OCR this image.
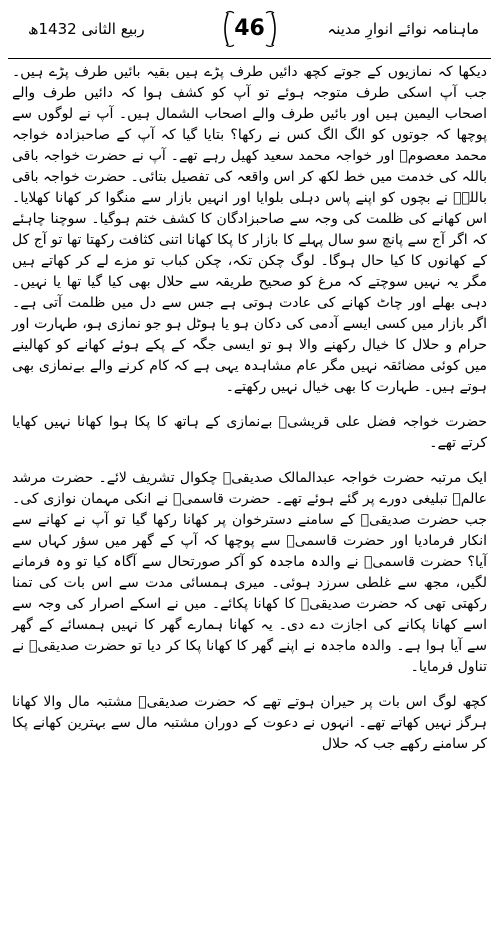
ماہنامہ نوائے انوارِ مدینہ
46
ربیع الثانی 1432ھ

دیکھا کہ نمازیوں کے جوتے کچھ دائیں طرف پڑے ہیں بقیہ بائیں طرف پڑے ہیں۔ جب آپ اسکی طرف متوجہ ہوئے تو آپ کو کشف ہوا کہ دائیں طرف والے اصحاب الیمین ہیں اور بائیں طرف والے اصحاب الشمال ہیں۔ آپ نے لوگوں سے پوچھا کہ جوتوں کو الگ الگ کس نے رکھا؟ بتایا گیا کہ آپ کے صاحبزادہ خواجہ محمد معصومؒ اور خواجہ محمد سعید کھیل رہے تھے۔ آپ نے حضرت خواجہ باقی باللہ کی خدمت میں خط لکھ کر اس واقعہ کی تفصیل بتائی۔ حضرت خواجہ باقی باللہؒ نے بچوں کو اپنے پاس دہلی بلوایا اور انہیں بازار سے منگوا کر کھانا کھلایا۔ اس کھانے کی ظلمت کی وجہ سے صاحبزادگان کا کشف ختم ہوگیا۔ سوچنا چاہئے کہ اگر آج سے پانچ سو سال پہلے کا بازار کا پکا کھانا اتنی کثافت رکھتا تھا تو آج کل کے کھانوں کا کیا حال ہوگا۔ لوگ چکن تکہ، چکن کباب تو مزے لے کر کھاتے ہیں مگر یہ نہیں سوچتے کہ مرغ کو صحیح طریقہ سے حلال بھی کیا گیا تھا یا نہیں۔ دہی بھلے اور چاٹ کھانے کی عادت ہوتی ہے جس سے دل میں ظلمت آتی ہے۔ اگر بازار میں کسی ایسے آدمی کی دکان ہو یا ہوٹل ہو جو نمازی ہو، طہارت اور حرام و حلال کا خیال رکھنے والا ہو تو ایسی جگہ کے پکے ہوئے کھانے کو کھالینے میں کوئی مضائقہ نہیں مگر عام مشاہدہ یہی ہے کہ کام کرنے والے بےنمازی بھی ہوتے ہیں۔ طہارت کا بھی خیال نہیں رکھتے۔

حضرت خواجہ فضل علی قریشیؒ بےنمازی کے ہاتھ کا پکا ہوا کھانا نہیں کھایا کرتے تھے۔

ایک مرتبہ حضرت خواجہ عبدالمالک صدیقیؒ چکوال تشریف لائے۔ حضرت مرشد عالمؒ تبلیغی دورے پر گئے ہوئے تھے۔ حضرت قاسمیؒ نے انکی مہمان نوازی کی۔ جب حضرت صدیقیؒ کے سامنے دسترخوان پر کھانا رکھا گیا تو آپ نے کھانے سے انکار فرمادیا اور حضرت قاسمیؒ سے پوچھا کہ آپ کے گھر میں سؤر کہاں سے آیا؟ حضرت قاسمیؒ نے والدہ ماجدہ کو آکر صورتحال سے آگاہ کیا تو وہ فرمانے لگیں، مجھ سے غلطی سرزد ہوئی۔ میری ہمسائی مدت سے اس بات کی تمنا رکھتی تھی کہ حضرت صدیقیؒ کا کھانا پکائے۔ میں نے اسکے اصرار کی وجہ سے اسے کھانا پکانے کی اجازت دے دی۔ یہ کھانا ہمارے گھر کا نہیں ہمسائے کے گھر سے آیا ہوا ہے۔ والدہ ماجدہ نے اپنے گھر کا کھانا پکا کر دیا تو حضرت صدیقیؒ نے تناول فرمایا۔

کچھ لوگ اس بات پر حیران ہوتے تھے کہ حضرت صدیقیؒ مشتبہ مال والا کھانا ہرگز نہیں کھاتے تھے۔ انہوں نے دعوت کے دوران مشتبہ مال سے بہترین کھانے پکا کر سامنے رکھے جب کہ حلال
